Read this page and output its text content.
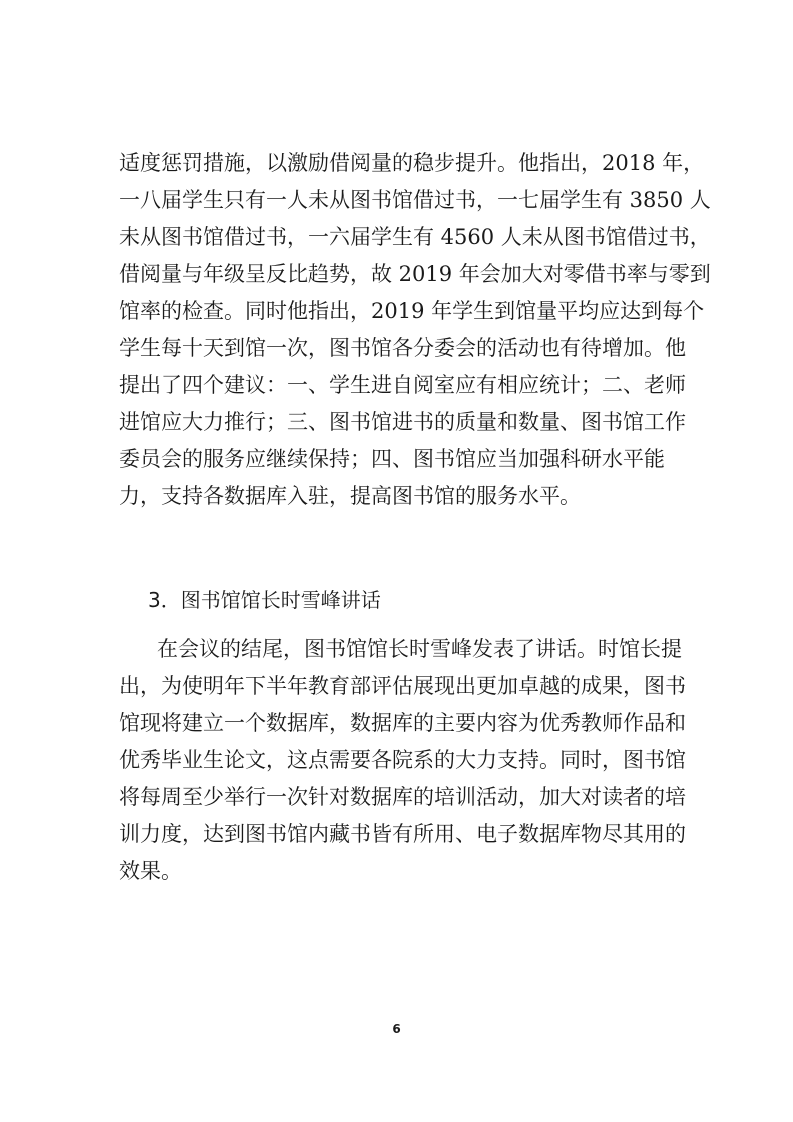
适度惩罚措施，以激励借阅量的稳步提升。他指出，2018 年，
一八届学生只有一人未从图书馆借过书，一七届学生有 3850 人
未从图书馆借过书，一六届学生有 4560 人未从图书馆借过书，
借阅量与年级呈反比趋势，故 2019 年会加大对零借书率与零到
馆率的检查。同时他指出，2019 年学生到馆量平均应达到每个
学生每十天到馆一次，图书馆各分委会的活动也有待增加。他
提出了四个建议：一、学生进自阅室应有相应统计；二、老师
进馆应大力推行；三、图书馆进书的质量和数量、图书馆工作
委员会的服务应继续保持；四、图书馆应当加强科研水平能
力，支持各数据库入驻，提高图书馆的服务水平。
3．图书馆馆长时雪峰讲话
在会议的结尾，图书馆馆长时雪峰发表了讲话。时馆长提
出，为使明年下半年教育部评估展现出更加卓越的成果，图书
馆现将建立一个数据库，数据库的主要内容为优秀教师作品和
优秀毕业生论文，这点需要各院系的大力支持。同时，图书馆
将每周至少举行一次针对数据库的培训活动，加大对读者的培
训力度，达到图书馆内藏书皆有所用、电子数据库物尽其用的
效果。
6
